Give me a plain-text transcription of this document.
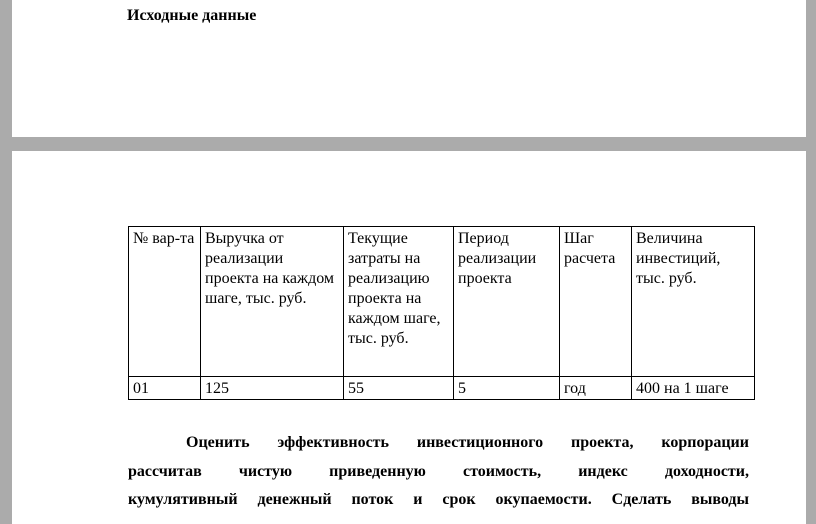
Исходные данные
№ вар-та	Выручка от реализации проекта на каждом шаге, тыс. руб.	Текущие затраты на реализацию проекта на каждом шаге, тыс. руб.	Период реализации проекта	Шаг расчета	Величина инвестиций, тыс. руб.
01	125	55	5	год	400 на 1 шаге
Оценить эффективность инвестиционного проекта, корпорации
рассчитав чистую приведенную стоимость, индекс доходности,
кумулятивный денежный поток и срок окупаемости. Сделать выводы
